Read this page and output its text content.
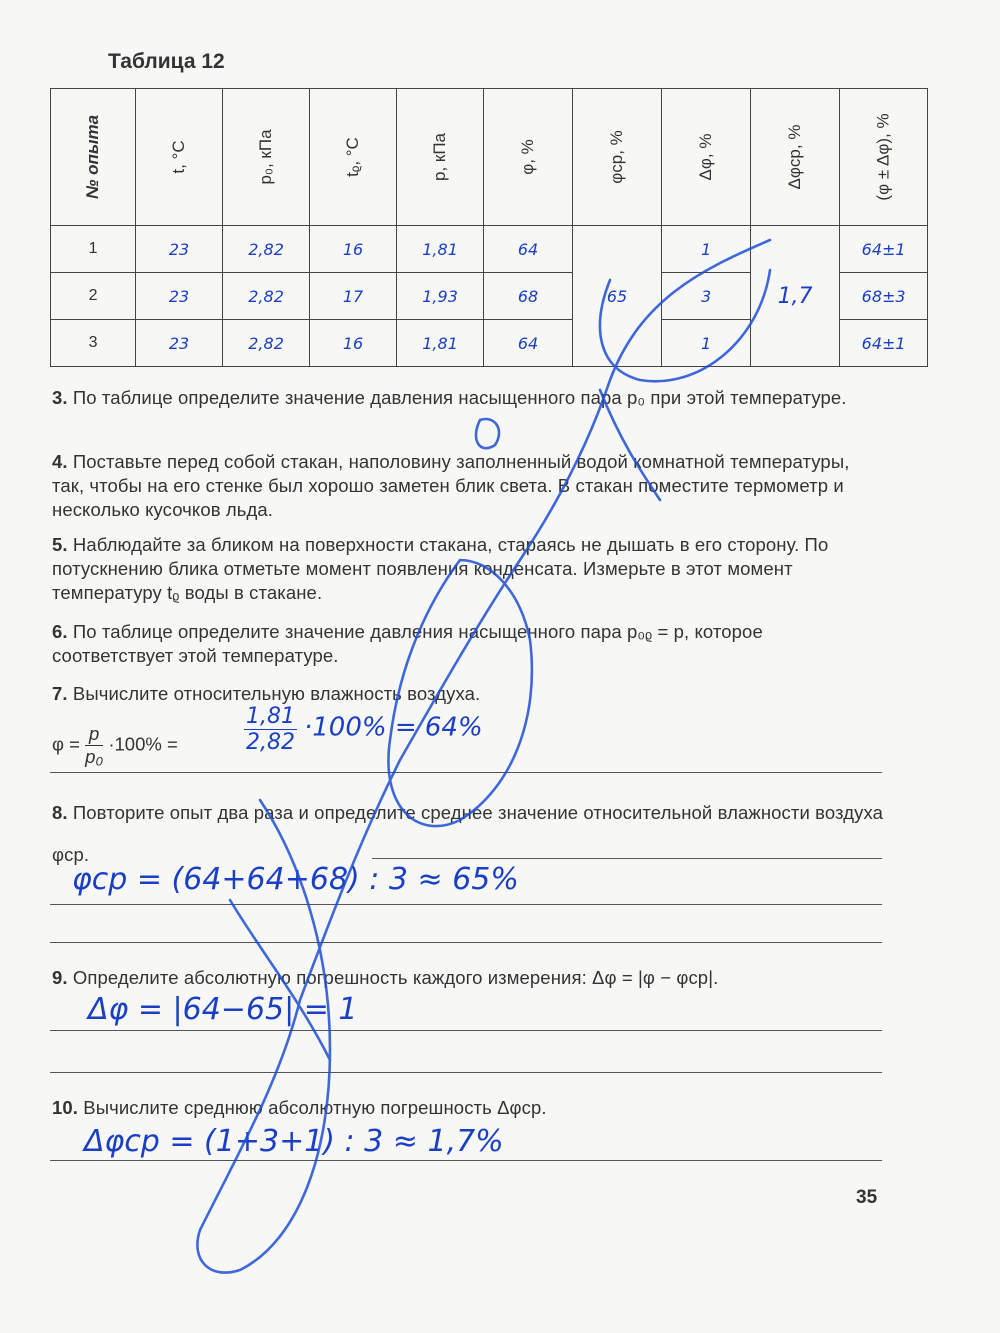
Таблица 12
№ опыта	t, °C	p₀, кПа	tᵨ, °C	p, кПа	φ, %	φср, %	Δφ, %	Δφср, %	(φ ± Δφ), %

1	23	2,82	16	1,81	64	65	1	1,7	64±1
2	23	2,82	17	1,93	68		3		68±3
3	23	2,82	16	1,81	64		1		64±1
3. По таблице определите значение давления насыщенного пара p₀ при этой температуре.
4. Поставьте перед собой стакан, наполовину заполненный водой комнатной температуры, так, чтобы на его стенке был хорошо заметен блик света. В стакан поместите термометр и несколько кусочков льда.
5. Наблюдайте за бликом на поверхности стакана, стараясь не дышать в его сторону. По потускнению блика отметьте момент появления конденсата. Измерьте в этот момент температуру tᵨ воды в стакане.
6. По таблице определите значение давления насыщенного пара p₀ᵨ = p, которое соответствует этой температуре.
7. Вычислите относительную влажность воздуха.
$\varphi = \frac{p}{\text{p₀}} \cdot 100\%$ =	$\frac{1,81}{2,82} \cdot 100\% = 64\%$
8. Повторите опыт два раза и определите среднее значение относительной влажности воздуха φср.
φср = (64+64+68) : 3 ≈ 65%
9. Определите абсолютную погрешность каждого измерения: Δφ = |φ − φср|.
Δφ = |64−65| = 1
10. Вычислите среднюю абсолютную погрешность Δφср.
Δφср = (1+3+1) : 3 ≈ 1,7%
35
